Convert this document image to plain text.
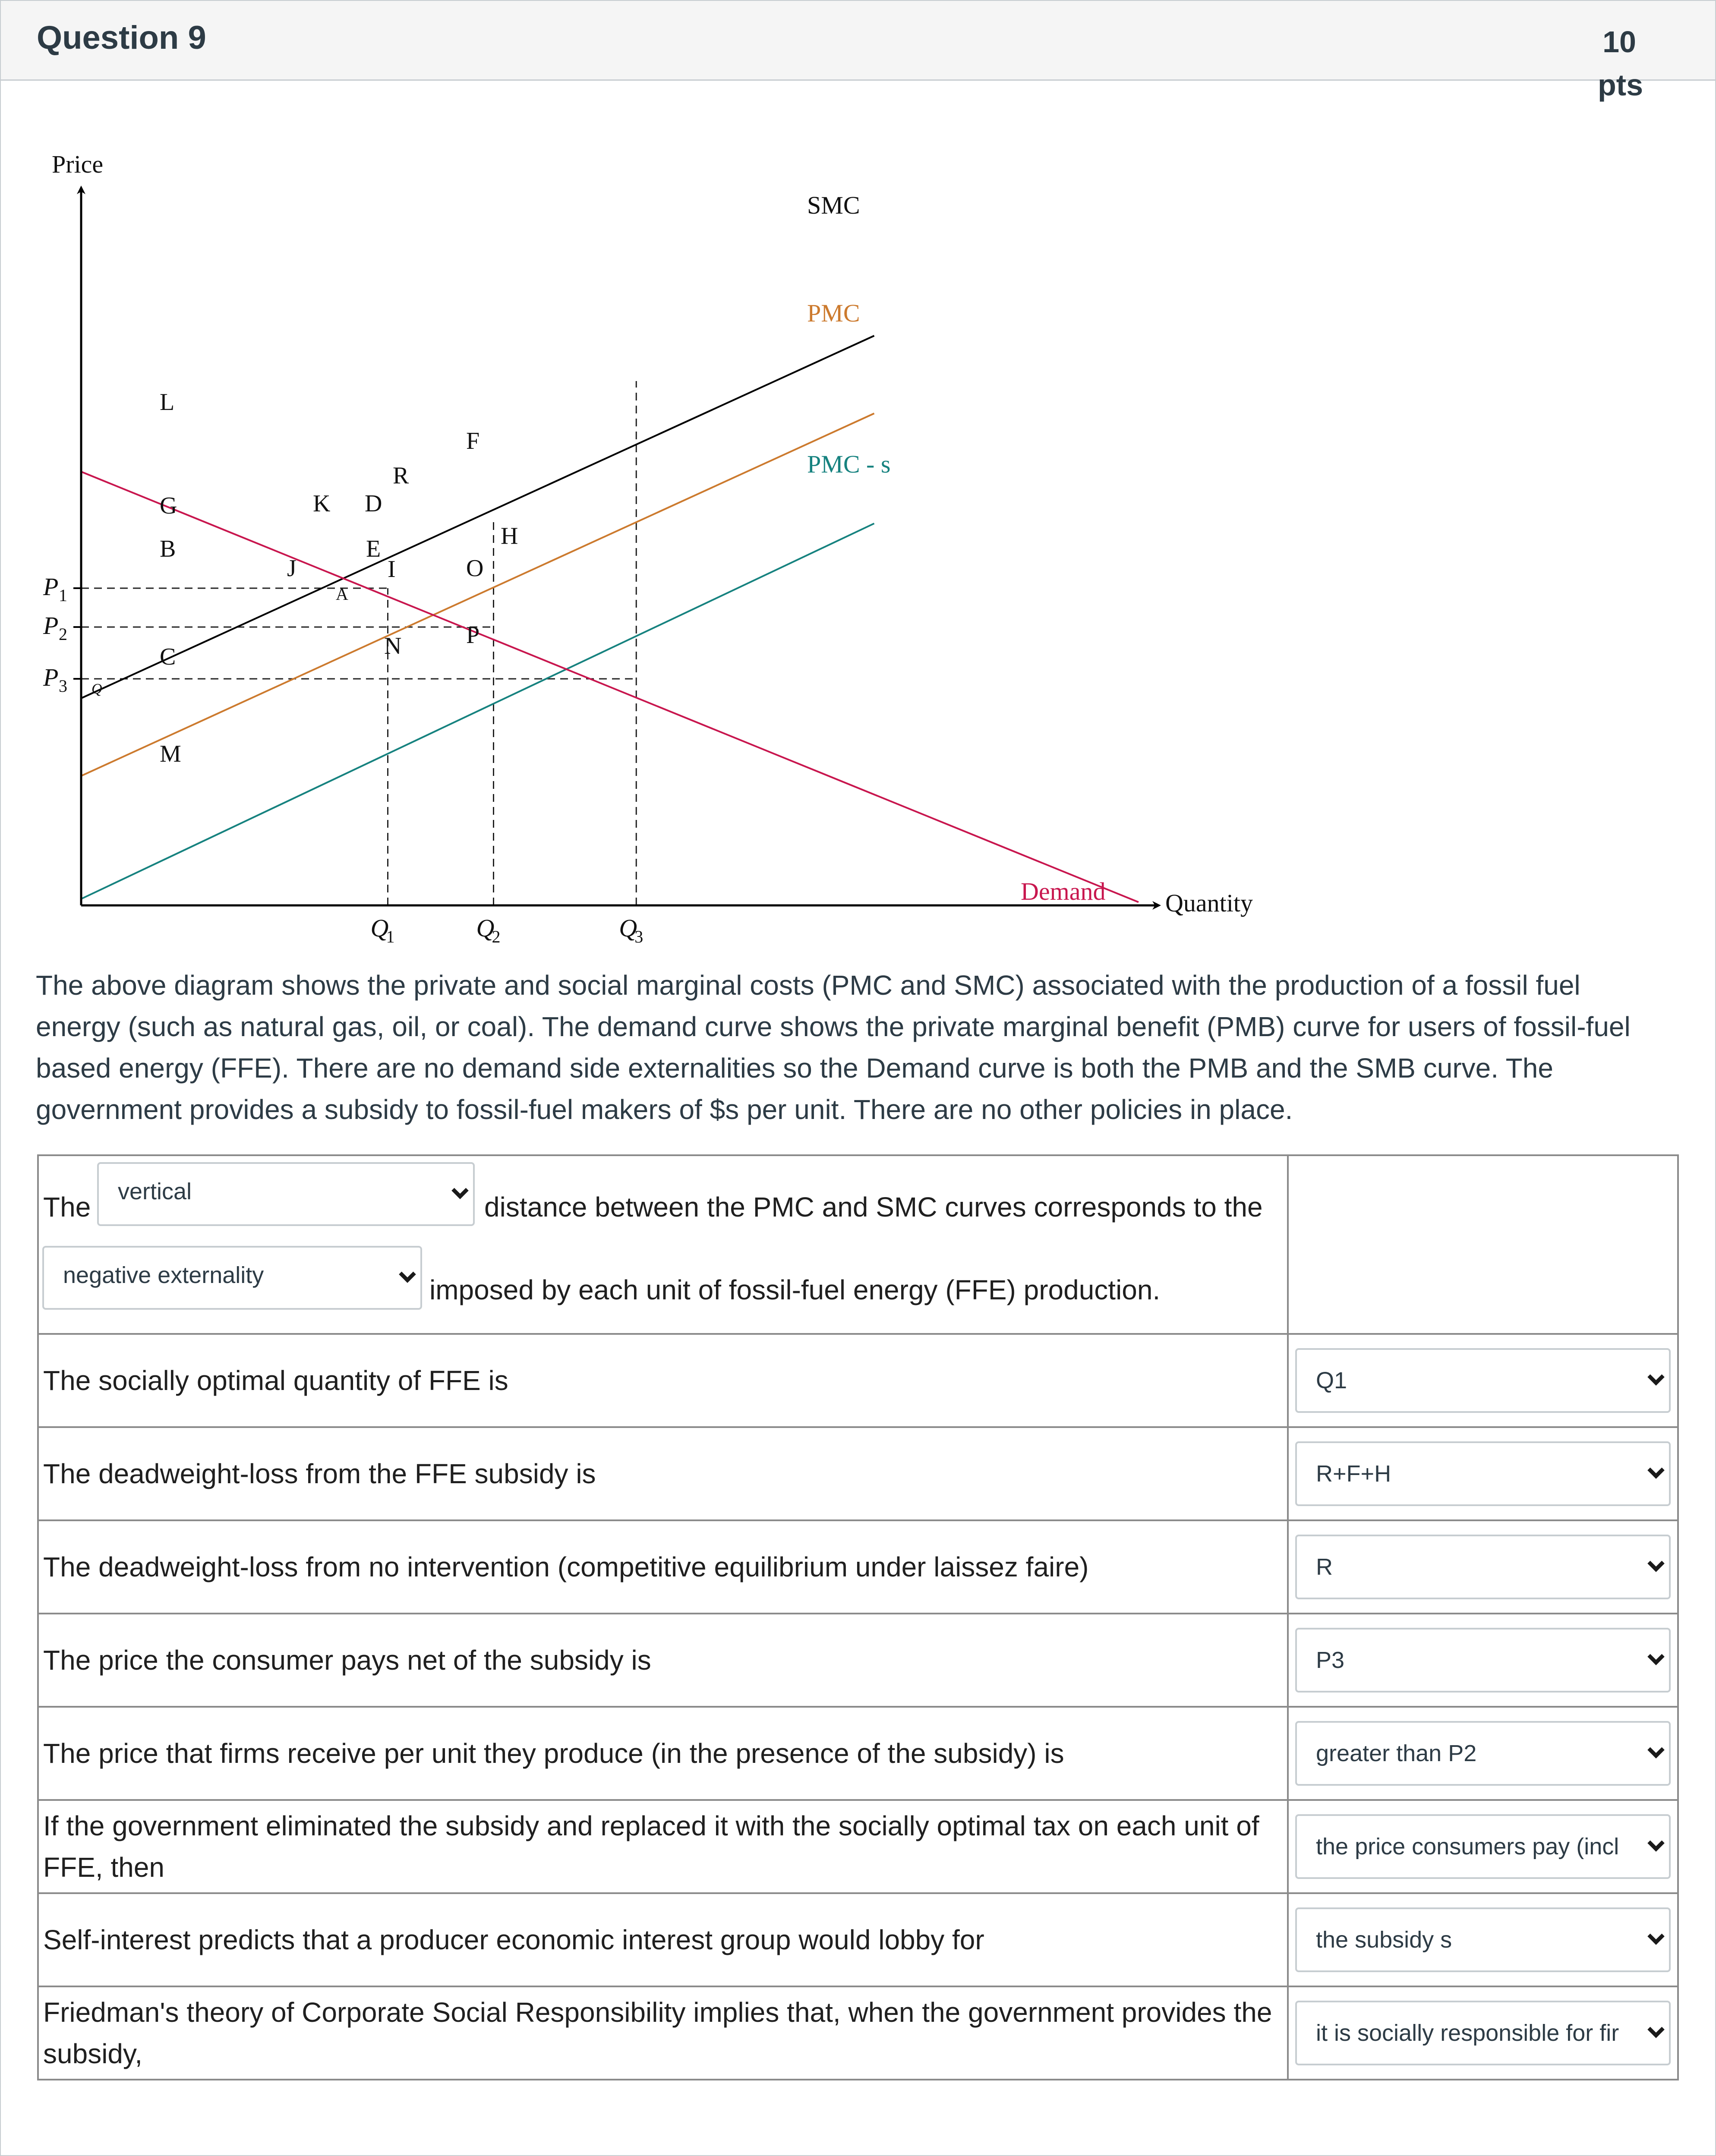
Question 9	10
pts
Price
Quantity
SMC
PMC
PMC - s
Demand
P 1
P 2
P 3
Q
1	Q
2	Q
3
Q
L
G
B
C
M
K D
J
E
I
A
R
F
H
O
N	P
The above diagram shows the private and social marginal costs (PMC and SMC) associated with the production of a fossil fuel energy (such as natural gas, oil, or coal). The demand curve shows the private marginal benefit (PMB) curve for users of fossil-fuel based energy (FFE). There are no demand side externalities so the Demand curve is both the PMB and the SMB curve. The government provides a subsidy to fossil-fuel makers of $s per unit. There are no other policies in place.
The vertical distance between the PMC and SMC curves corresponds to the
negative externality imposed by each unit of fossil-fuel energy (FFE) production.	

The socially optimal quantity of FFE is	Q1

The deadweight-loss from the FFE subsidy is	R+F+H

The deadweight-loss from no intervention (competitive equilibrium under laissez faire)	R

The price the consumer pays net of the subsidy is	P3

The price that firms receive per unit they produce (in the presence of the subsidy) is	greater than P2

If the government eliminated the subsidy and replaced it with the socially optimal tax on each unit of FFE, then	the price consumers pay (incl

Self-interest predicts that a producer economic interest group would lobby for	the subsidy s

Friedman's theory of Corporate Social Responsibility implies that, when the government provides the subsidy,	it is socially responsible for fir
